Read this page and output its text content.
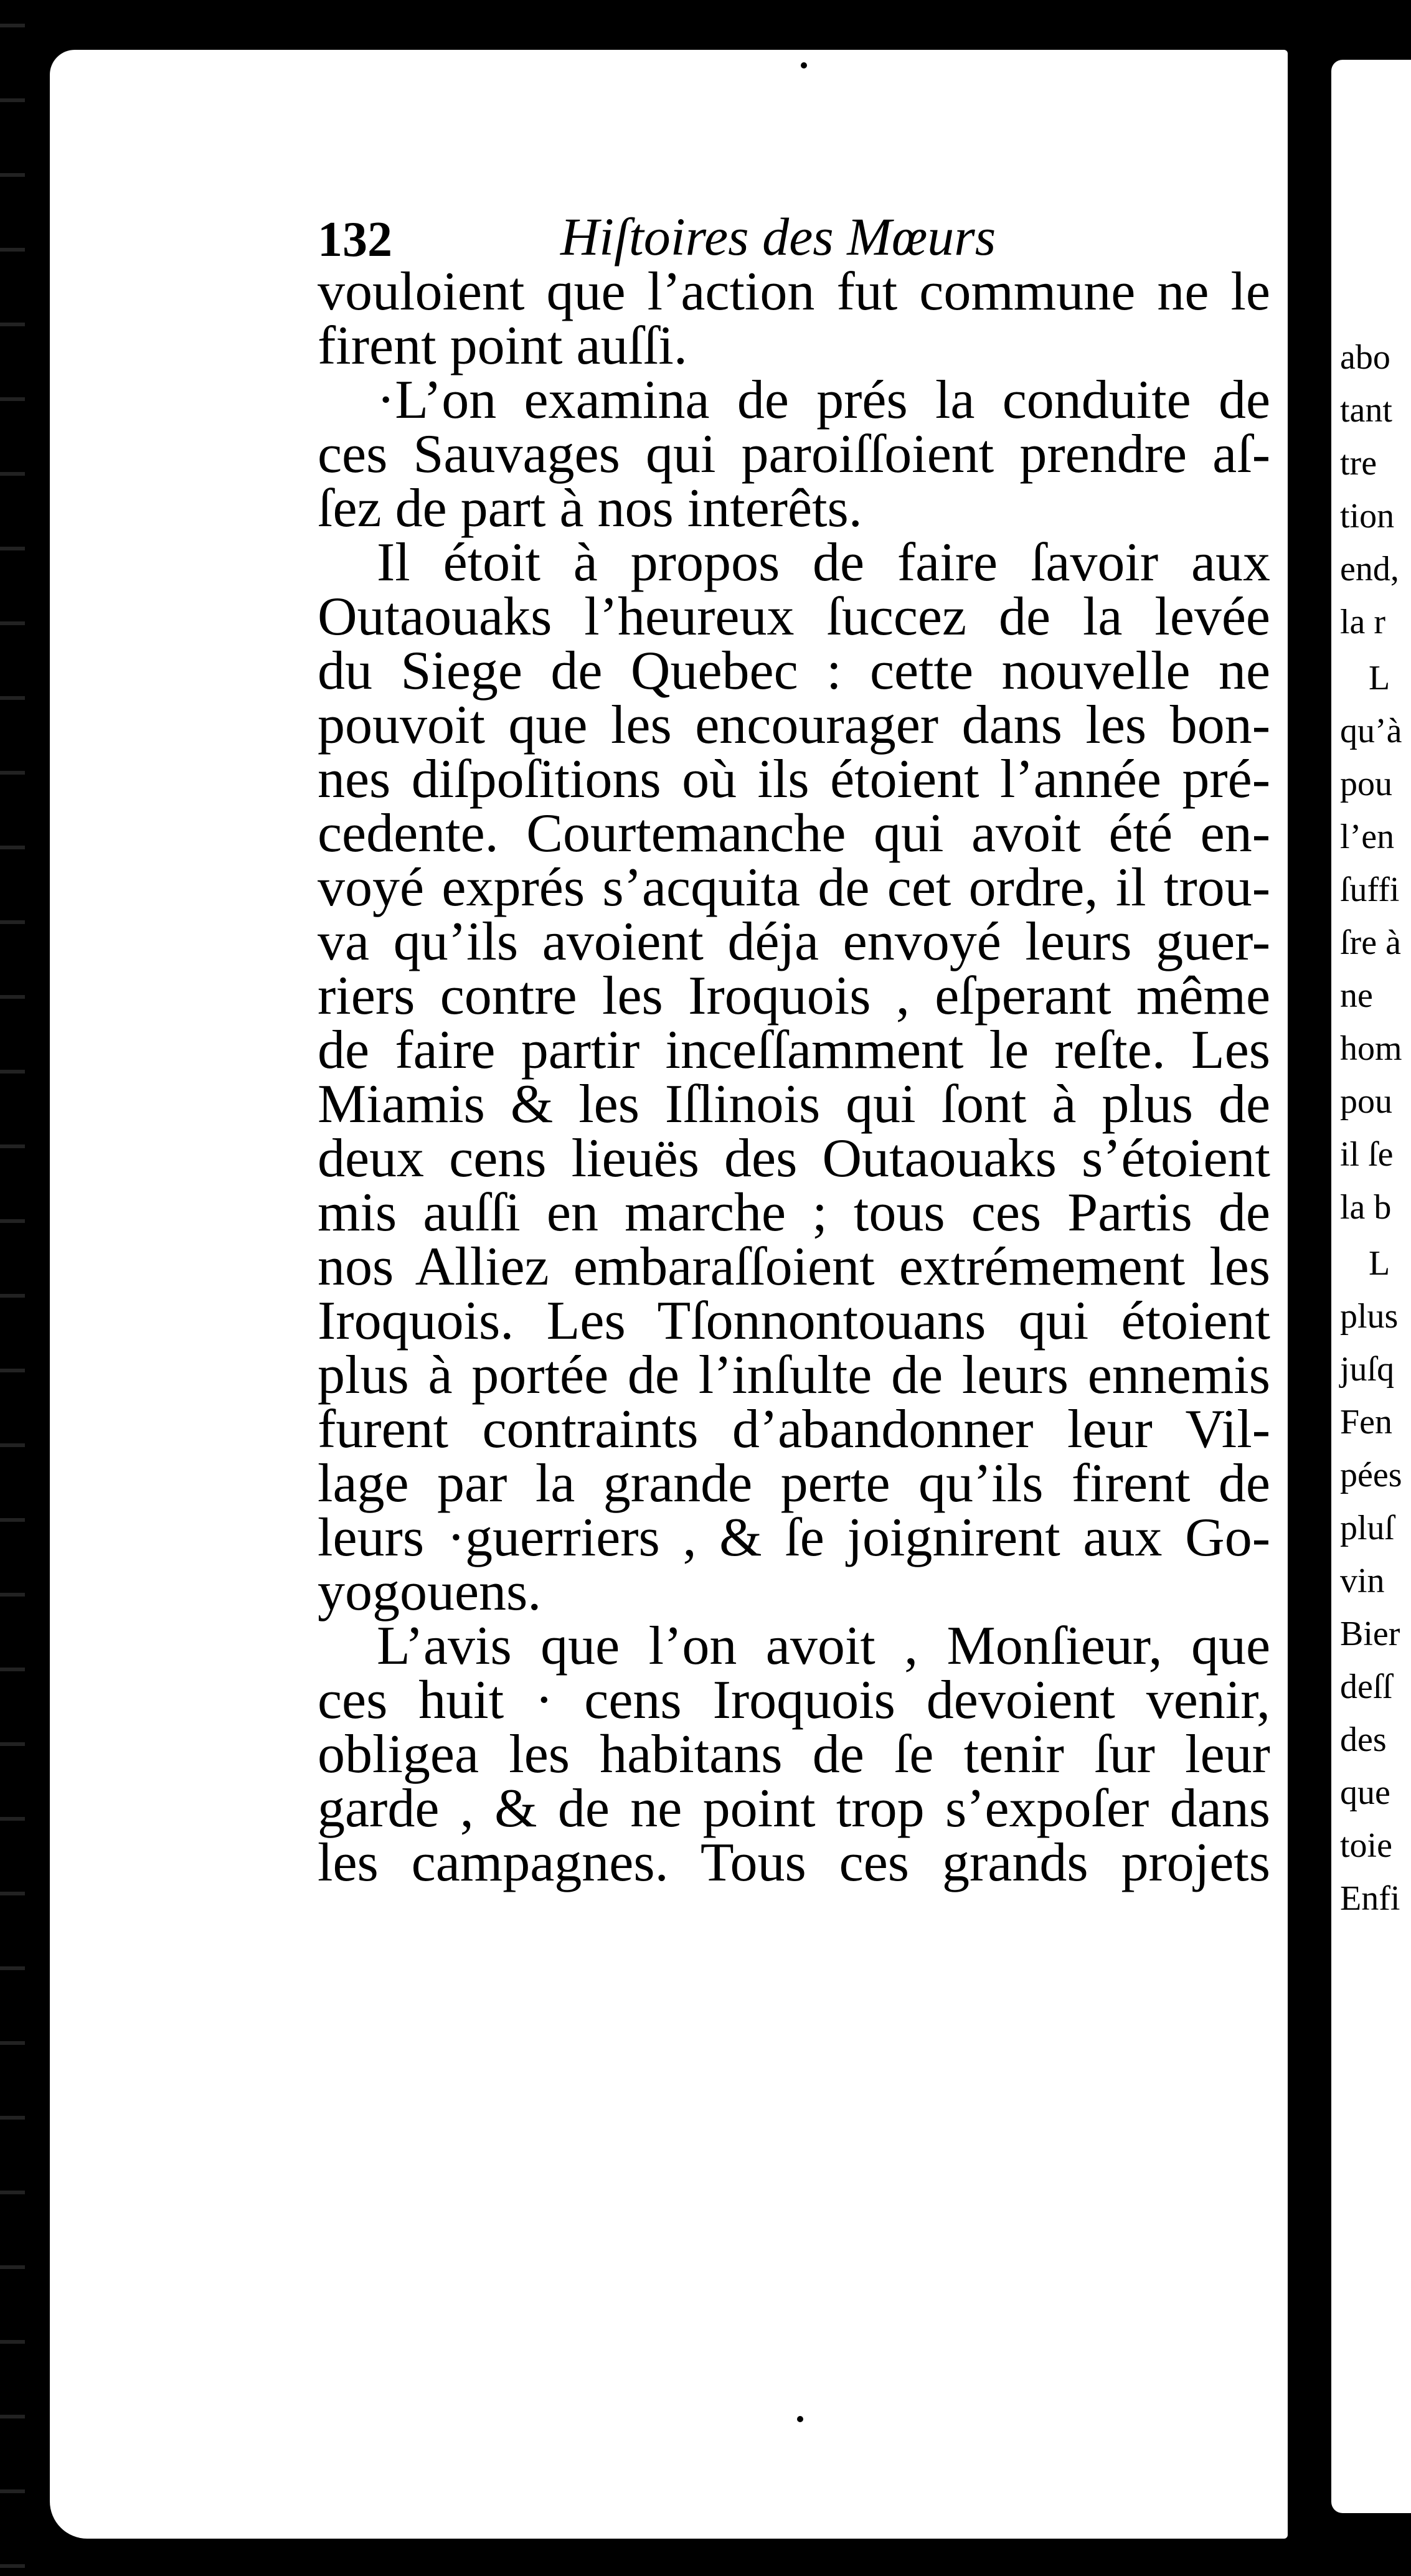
132	Hiſtoires des Mœurs
vouloient que l’action fut commune ne le
firent point auſſi.
·L’on examina de prés la conduite de
ces Sauvages qui paroiſſoient prendre aſ-
ſez de part à nos interêts.
Il étoit à propos de faire ſavoir aux
Outaouaks l’heureux ſuccez de la levée
du Siege de Quebec : cette nouvelle ne
pouvoit que les encourager dans les bon-
nes diſpoſitions où ils étoient l’année pré-
cedente. Courtemanche qui avoit été en-
voyé exprés s’acquita de cet ordre, il trou-
va qu’ils avoient déja envoyé leurs guer-
riers contre les Iroquois , eſperant même
de faire partir inceſſamment le reſte. Les
Miamis & les Iſlinois qui ſont à plus de
deux cens lieuës des Outaouaks s’étoient
mis auſſi en marche ; tous ces Partis de
nos Alliez embaraſſoient extrémement les
Iroquois. Les Tſonnontouans qui étoient
plus à portée de l’inſulte de leurs ennemis
furent contraints d’abandonner leur Vil-
lage par la grande perte qu’ils firent de
leurs ·guerriers , & ſe joignirent aux Go-
yogouens.
L’avis que l’on avoit , Monſieur, que
ces huit · cens Iroquois devoient venir,
obligea les habitans de ſe tenir ſur leur
garde , & de ne point trop s’expoſer dans
les campagnes. Tous ces grands projets
abo
tant
tre
tion
end,
la r
L
qu’à
pou
l’en
ſuffi
ſre à
ne
hom
pou
il ſe
la b
L
plus
juſq
Fen
pées
pluſ
vin
Bier
deſſ
des
que
toie
Enfi
